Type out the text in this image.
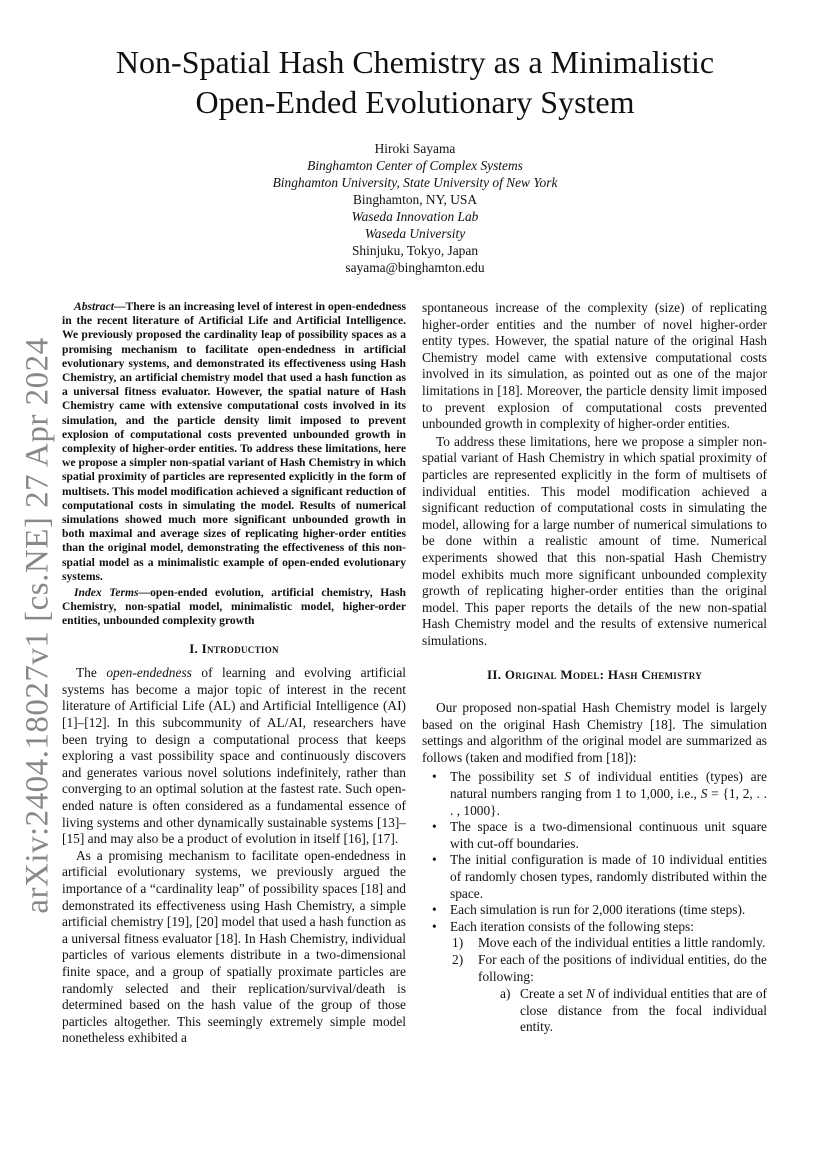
arXiv:2404.18027v1 [cs.NE] 27 Apr 2024
Non-Spatial Hash Chemistry as a Minimalistic
Open-Ended Evolutionary System
Hiroki Sayama
Binghamton Center of Complex Systems
Binghamton University, State University of New York
Binghamton, NY, USA
Waseda Innovation Lab
Waseda University
Shinjuku, Tokyo, Japan
sayama@binghamton.edu

Abstract—There is an increasing level of interest in open-endedness in the recent literature of Artificial Life and Artificial Intelligence. We previously proposed the cardinality leap of possibility spaces as a promising mechanism to facilitate open-endedness in artificial evolutionary systems, and demonstrated its effectiveness using Hash Chemistry, an artificial chemistry model that used a hash function as a universal fitness evaluator. However, the spatial nature of Hash Chemistry came with extensive computational costs involved in its simulation, and the particle density limit imposed to prevent explosion of computational costs prevented unbounded growth in complexity of higher-order entities. To address these limitations, here we propose a simpler non-spatial variant of Hash Chemistry in which spatial proximity of particles are represented explicitly in the form of multisets. This model modification achieved a significant reduction of computational costs in simulating the model. Results of numerical simulations showed much more significant unbounded growth in both maximal and average sizes of replicating higher-order entities than the original model, demonstrating the effectiveness of this non-spatial model as a minimalistic example of open-ended evolutionary systems.

Index Terms—open-ended evolution, artificial chemistry, Hash Chemistry, non-spatial model, minimalistic model, higher-order entities, unbounded complexity growth

I. Introduction

The open-endedness of learning and evolving artificial systems has become a major topic of interest in the recent literature of Artificial Life (AL) and Artificial Intelligence (AI) [1]–[12]. In this subcommunity of AL/AI, researchers have been trying to design a computational process that keeps exploring a vast possibility space and continuously discovers and generates various novel solutions indefinitely, rather than converging to an optimal solution at the fastest rate. Such open-ended nature is often considered as a fundamental essence of living systems and other dynamically sustainable systems [13]–[15] and may also be a product of evolution in itself [16], [17].

As a promising mechanism to facilitate open-endedness in artificial evolutionary systems, we previously argued the importance of a “cardinality leap” of possibility spaces [18] and demonstrated its effectiveness using Hash Chemistry, a simple artificial chemistry [19], [20] model that used a hash function as a universal fitness evaluator [18]. In Hash Chemistry, individual particles of various elements distribute in a two-dimensional finite space, and a group of spatially proximate particles are randomly selected and their replication/survival/death is determined based on the hash value of the group of those particles altogether. This seemingly extremely simple model nonetheless exhibited a

spontaneous increase of the complexity (size) of replicating higher-order entities and the number of novel higher-order entity types. However, the spatial nature of the original Hash Chemistry model came with extensive computational costs involved in its simulation, as pointed out as one of the major limitations in [18]. Moreover, the particle density limit imposed to prevent explosion of computational costs prevented unbounded growth in complexity of higher-order entities.

To address these limitations, here we propose a simpler non-spatial variant of Hash Chemistry in which spatial proximity of particles are represented explicitly in the form of multisets of individual entities. This model modification achieved a significant reduction of computational costs in simulating the model, allowing for a large number of numerical simulations to be done within a realistic amount of time. Numerical experiments showed that this non-spatial Hash Chemistry model exhibits much more significant unbounded complexity growth of replicating higher-order entities than the original model. This paper reports the details of the new non-spatial Hash Chemistry model and the results of extensive numerical simulations.

II. Original Model: Hash Chemistry

Our proposed non-spatial Hash Chemistry model is largely based on the original Hash Chemistry [18]. The simulation settings and algorithm of the original model are summarized as follows (taken and modified from [18]):

• The possibility set S of individual entities (types) are natural numbers ranging from 1 to 1,000, i.e., S = {1, 2, . . . , 1000}.
• The space is a two-dimensional continuous unit square with cut-off boundaries.
• The initial configuration is made of 10 individual entities of randomly chosen types, randomly distributed within the space.
• Each simulation is run for 2,000 iterations (time steps).
• Each iteration consists of the following steps:
1) Move each of the individual entities a little randomly.
2) For each of the positions of individual entities, do the following:
a) Create a set N of individual entities that are of close distance from the focal individual entity.
